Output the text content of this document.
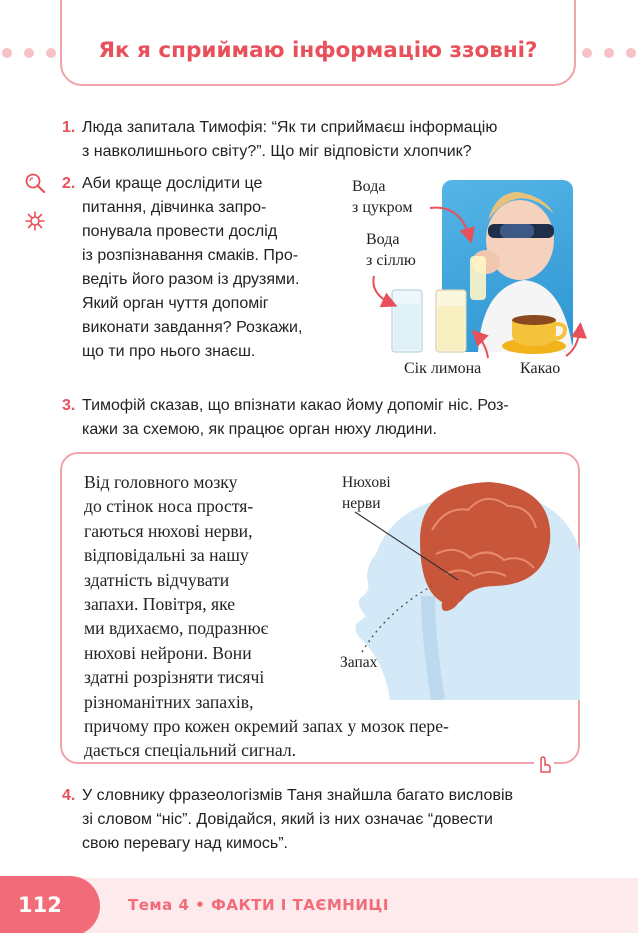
Як я сприймаю інформацію ззовні?
1. Люда запитала Тимофія: “Як ти сприймаєш інформацію
з навколишнього світу?”. Що міг відповісти хлопчик?
2. Аби краще дослідити це
питання, дівчинка запро-
понувала провести дослід
із розпізнавання смаків. Про-
ведіть його разом із друзями.
Який орган чуття допоміг
виконати завдання? Розкажи,
що ти про нього знаєш.
Вода
з цукром
Вода
з сіллю
Сік лимона Какао
3. Тимофій сказав, що впізнати какао йому допоміг ніс. Роз-
кажи за схемою, як працює орган нюху людини.
Нюхові
нерви
Запах
Від головного мозку
до стінок носа простя-
гаються нюхові нерви,
відповідальні за нашу
здатність відчувати
запахи. Повітря, яке
ми вдихаємо, подразнює
нюхові нейрони. Вони
здатні розрізняти тисячі
різноманітних запахів,
причому про кожен окремий запах у мозок пере-
дається спеціальний сигнал.
4. У словнику фразеологізмів Таня знайшла багато висловів
зі словом “ніс”. Довідайся, який із них означає “довести
свою перевагу над кимось”.
112	Тема 4 • ФАКТИ І ТАЄМНИЦІ
